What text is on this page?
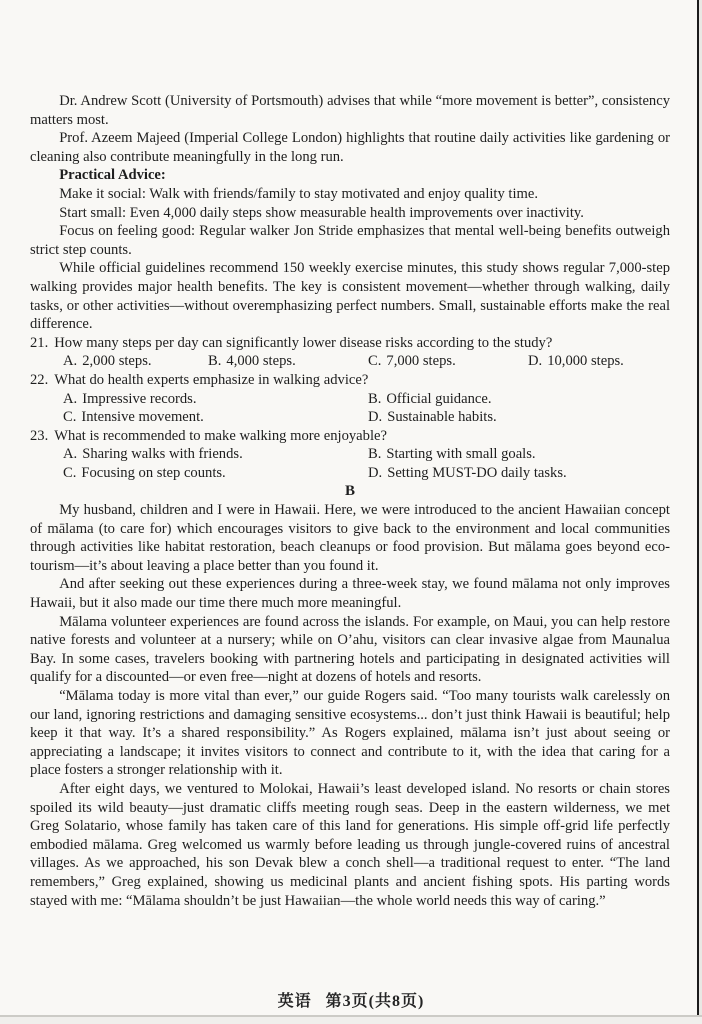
Dr. Andrew Scott (University of Portsmouth) advises that while “more movement is better”, consistency matters most.

Prof. Azeem Majeed (Imperial College London) highlights that routine daily activities like gardening or cleaning also contribute meaningfully in the long run.

Practical Advice:

Make it social: Walk with friends/family to stay motivated and enjoy quality time.

Start small: Even 4,000 daily steps show measurable health improvements over inactivity.

Focus on feeling good: Regular walker Jon Stride emphasizes that mental well-being benefits outweigh strict step counts.

While official guidelines recommend 150 weekly exercise minutes, this study shows regular 7,000-step walking provides major health benefits. The key is consistent movement—whether through walking, daily tasks, or other activities—without overemphasizing perfect numbers. Small, sustainable efforts make the real difference.

21. How many steps per day can significantly lower disease risks according to the study?
A. 2,000 steps.	B. 4,000 steps.	C. 7,000 steps.	D. 10,000 steps.
22. What do health experts emphasize in walking advice?
A. Impressive records.	B. Official guidance.
C. Intensive movement.	D. Sustainable habits.
23. What is recommended to make walking more enjoyable?
A. Sharing walks with friends.	B. Starting with small goals.
C. Focusing on step counts.	D. Setting MUST-DO daily tasks.

B

My husband, children and I were in Hawaii. Here, we were introduced to the ancient Hawaiian concept of mālama (to care for) which encourages visitors to give back to the environment and local communities through activities like habitat restoration, beach cleanups or food provision. But mālama goes beyond eco-tourism—it’s about leaving a place better than you found it.

And after seeking out these experiences during a three-week stay, we found mālama not only improves Hawaii, but it also made our time there much more meaningful.

Mālama volunteer experiences are found across the islands. For example, on Maui, you can help restore native forests and volunteer at a nursery; while on O’ahu, visitors can clear invasive algae from Maunalua Bay. In some cases, travelers booking with partnering hotels and participating in designated activities will qualify for a discounted—or even free—night at dozens of hotels and resorts.

“Mālama today is more vital than ever,” our guide Rogers said. “Too many tourists walk carelessly on our land, ignoring restrictions and damaging sensitive ecosystems... don’t just think Hawaii is beautiful; help keep it that way. It’s a shared responsibility.” As Rogers explained, mālama isn’t just about seeing or appreciating a landscape; it invites visitors to connect and contribute to it, with the idea that caring for a place fosters a stronger relationship with it.

After eight days, we ventured to Molokai, Hawaii’s least developed island. No resorts or chain stores spoiled its wild beauty—just dramatic cliffs meeting rough seas. Deep in the eastern wilderness, we met Greg Solatario, whose family has taken care of this land for generations. His simple off-grid life perfectly embodied mālama. Greg welcomed us warmly before leading us through jungle-covered ruins of ancestral villages. As we approached, his son Devak blew a conch shell—a traditional request to enter. “The land remembers,” Greg explained, showing us medicinal plants and ancient fishing spots. His parting words stayed with me: “Mālama shouldn’t be just Hawaiian—the whole world needs this way of caring.”

英语 第3页(共8页)
